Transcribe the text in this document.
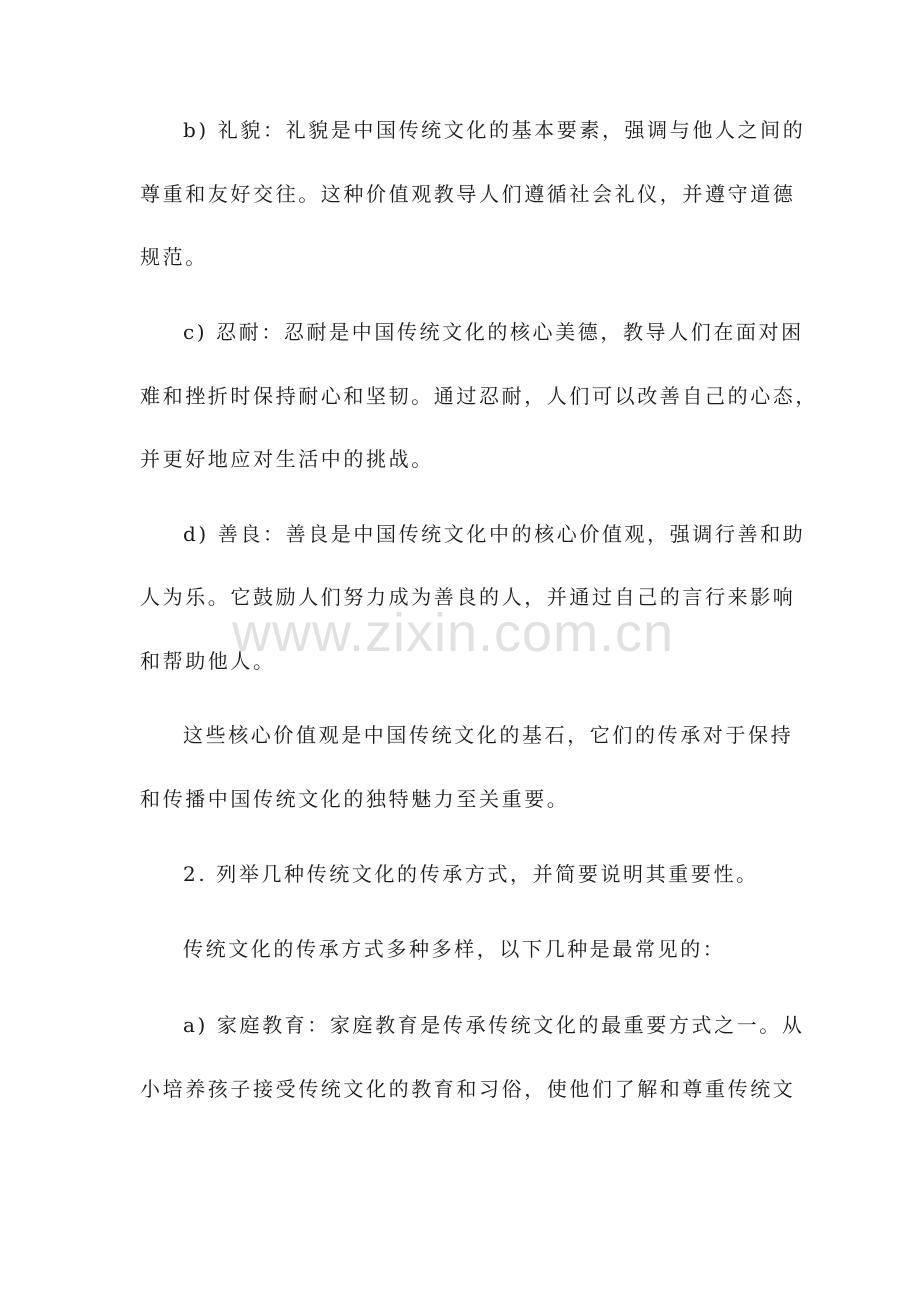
b) 礼貌：礼貌是中国传统文化的基本要素，强调与他人之间的
尊重和友好交往。这种价值观教导人们遵循社会礼仪，并遵守道德
规范。
c) 忍耐：忍耐是中国传统文化的核心美德，教导人们在面对困
难和挫折时保持耐心和坚韧。通过忍耐，人们可以改善自己的心态，
并更好地应对生活中的挑战。
d) 善良：善良是中国传统文化中的核心价值观，强调行善和助
人为乐。它鼓励人们努力成为善良的人，并通过自己的言行来影响
和帮助他人。
这些核心价值观是中国传统文化的基石，它们的传承对于保持
和传播中国传统文化的独特魅力至关重要。
2. 列举几种传统文化的传承方式，并简要说明其重要性。
传统文化的传承方式多种多样，以下几种是最常见的：
a) 家庭教育：家庭教育是传承传统文化的最重要方式之一。从
小培养孩子接受传统文化的教育和习俗，使他们了解和尊重传统文
www.zixin.com.cn
